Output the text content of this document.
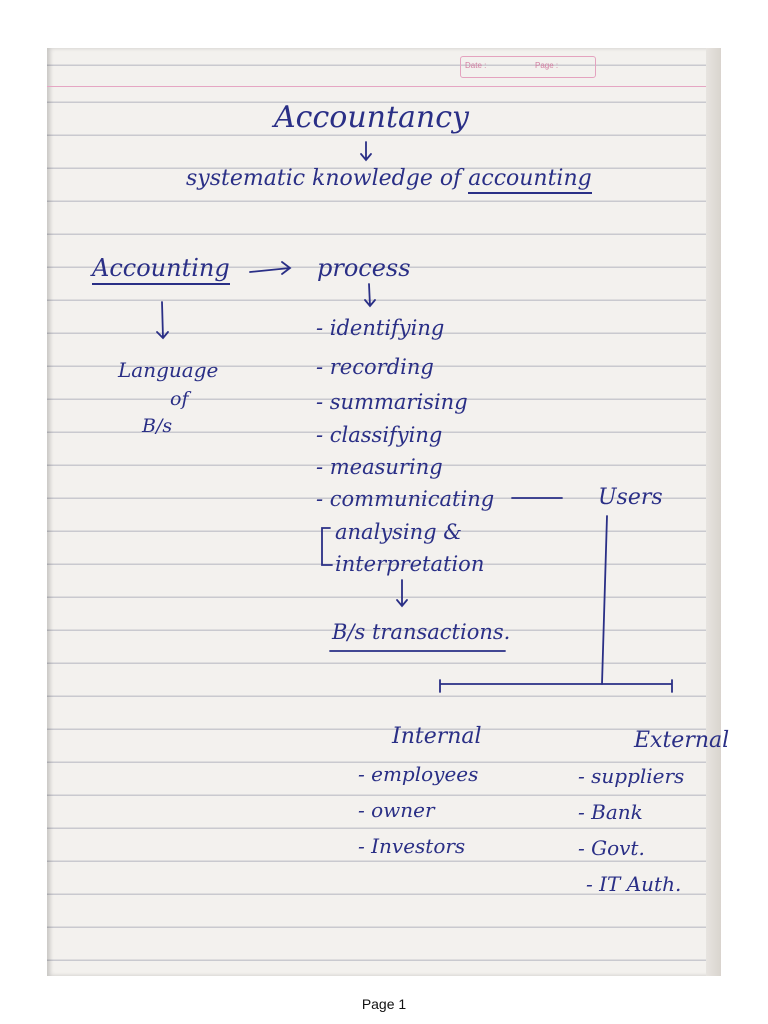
Date :	Page :
Accountancy
systematic knowledge of accounting
Accounting	process
Language
of
B/s
- identifying
- recording
- summarising
- classifying
- measuring
- communicating
analysing &
interpretation
Users
B/s transactions.
Internal
- employees
- owner
- Investors
External
- suppliers
- Bank
- Govt.
- IT Auth.
Page 1
